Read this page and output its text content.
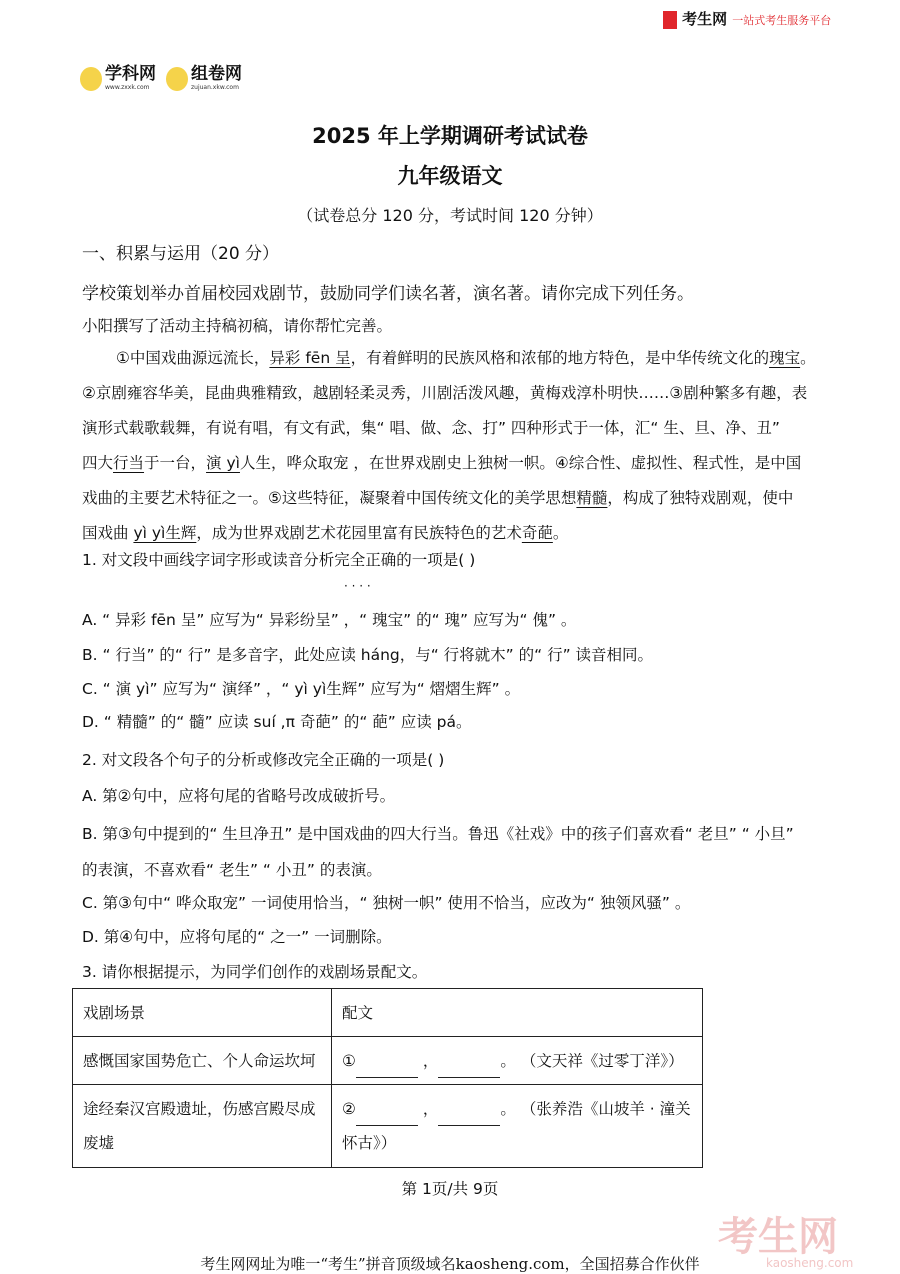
考生网 一站式考生服务平台
学科网
www.zxxk.com
组卷网
zujuan.xkw.com
2025 年上学期调研考试试卷
九年级语文
（试卷总分 120 分，考试时间 120 分钟）
一、积累与运用（20 分）
学校策划举办首届校园戏剧节，鼓励同学们读名著，演名著。请你完成下列任务。
小阳撰写了活动主持稿初稿，请你帮忙完善。
①中国戏曲源远流长，异彩 fēn 呈，有着鲜明的民族风格和浓郁的地方特色，是中华传统文化的瑰宝。
②京剧雍容华美，昆曲典雅精致，越剧轻柔灵秀，川剧活泼风趣，黄梅戏淳朴明快……③剧种繁多有趣，表
演形式载歌载舞，有说有唱，有文有武，集“ 唱、做、念、打” 四种形式于一体，汇“ 生、旦、净、丑”
四大行当于一台，演 yì人生，哗众取宠 ，在世界戏剧史上独树一帜。④综合性、虚拟性、程式性，是中国
戏曲的主要艺术特征之一。⑤这些特征，凝聚着中国传统文化的美学思想精髓，构成了独特戏剧观，使中
国戏曲 yì yì生辉，成为世界戏剧艺术花园里富有民族特色的艺术奇葩。
1. 对文段中画线字词字形或读音分析完全正确的一项是( )
· · · ·
A. “ 异彩 fēn 呈” 应写为“ 异彩纷呈” ，“ 瑰宝” 的“ 瑰” 应写为“ 傀” 。
B. “ 行当” 的“ 行” 是多音字，此处应读 háng，与“ 行将就木” 的“ 行” 读音相同。
C. “ 演 yì” 应写为“ 演绎” ，“ yì yì生辉” 应写为“ 熠熠生辉” 。
D. “ 精髓” 的“ 髓” 应读 suí ,π 奇葩” 的“ 葩” 应读 pá。
2. 对文段各个句子的分析或修改完全正确的一项是( )
A. 第②句中，应将句尾的省略号改成破折号。
B. 第③句中提到的“ 生旦净丑” 是中国戏曲的四大行当。鲁迅《社戏》中的孩子们喜欢看“ 老旦” “ 小旦”
的表演，不喜欢看“ 老生” “ 小丑” 的表演。
C. 第③句中“ 哗众取宠” 一词使用恰当，“ 独树一帜” 使用不恰当，应改为“ 独领风骚” 。
D. 第④句中，应将句尾的“ 之一” 一词删除。
3. 请你根据提示，为同学们创作的戏剧场景配文。
戏剧场景	配文
感慨国家国势危亡、个人命运坎坷	① ， 。 （文天祥《过零丁洋》）
途经秦汉宫殿遗址，伤感宫殿尽成废墟	② ， 。 （张养浩《山坡羊 · 潼关怀古》）
第 1页/共 9页
考生网
kaosheng.com
考生网网址为唯一“考生”拼音顶级域名kaosheng.com，全国招募合作伙伴
